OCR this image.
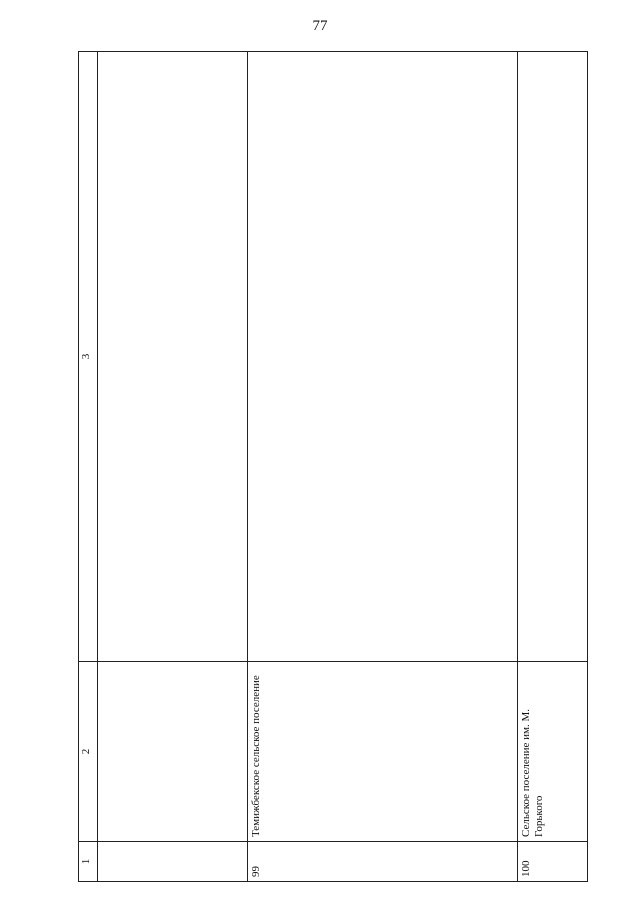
77
1	2	3

99	Темижбекское сельское поселение	
100	Сельское поселение им. М. Горького	
